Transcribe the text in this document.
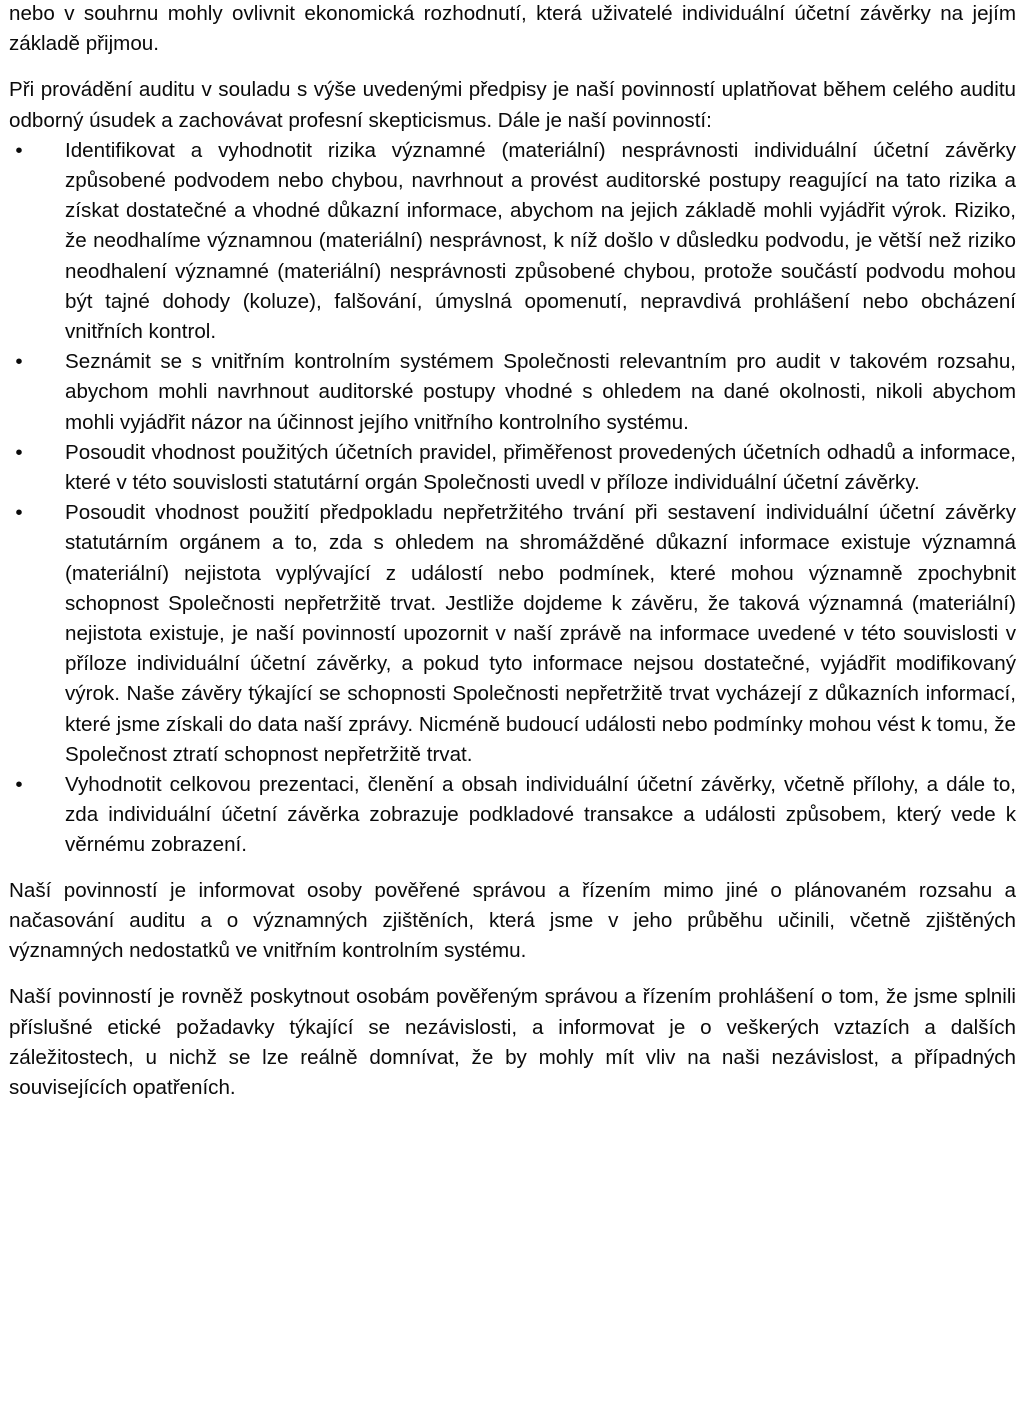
nebo v souhrnu mohly ovlivnit ekonomická rozhodnutí, která uživatelé individuální účetní závěrky na jejím základě přijmou.

Při provádění auditu v souladu s výše uvedenými předpisy je naší povinností uplatňovat během celého auditu odborný úsudek a zachovávat profesní skepticismus. Dále je naší povinností:

• Identifikovat a vyhodnotit rizika významné (materiální) nesprávnosti individuální účetní závěrky způsobené podvodem nebo chybou, navrhnout a provést auditorské postupy reagující na tato rizika a získat dostatečné a vhodné důkazní informace, abychom na jejich základě mohli vyjádřit výrok. Riziko, že neodhalíme významnou (materiální) nesprávnost, k níž došlo v důsledku podvodu, je větší než riziko neodhalení významné (materiální) nesprávnosti způsobené chybou, protože součástí podvodu mohou být tajné dohody (koluze), falšování, úmyslná opomenutí, nepravdivá prohlášení nebo obcházení vnitřních kontrol.
• Seznámit se s vnitřním kontrolním systémem Společnosti relevantním pro audit v takovém rozsahu, abychom mohli navrhnout auditorské postupy vhodné s ohledem na dané okolnosti, nikoli abychom mohli vyjádřit názor na účinnost jejího vnitřního kontrolního systému.
• Posoudit vhodnost použitých účetních pravidel, přiměřenost provedených účetních odhadů a informace, které v této souvislosti statutární orgán Společnosti uvedl v příloze individuální účetní závěrky.
• Posoudit vhodnost použití předpokladu nepřetržitého trvání při sestavení individuální účetní závěrky statutárním orgánem a to, zda s ohledem na shromážděné důkazní informace existuje významná (materiální) nejistota vyplývající z událostí nebo podmínek, které mohou významně zpochybnit schopnost Společnosti nepřetržitě trvat. Jestliže dojdeme k závěru, že taková významná (materiální) nejistota existuje, je naší povinností upozornit v naší zprávě na informace uvedené v této souvislosti v příloze individuální účetní závěrky, a pokud tyto informace nejsou dostatečné, vyjádřit modifikovaný výrok. Naše závěry týkající se schopnosti Společnosti nepřetržitě trvat vycházejí z důkazních informací, které jsme získali do data naší zprávy. Nicméně budoucí události nebo podmínky mohou vést k tomu, že Společnost ztratí schopnost nepřetržitě trvat.
• Vyhodnotit celkovou prezentaci, členění a obsah individuální účetní závěrky, včetně přílohy, a dále to, zda individuální účetní závěrka zobrazuje podkladové transakce a události způsobem, který vede k věrnému zobrazení.

Naší povinností je informovat osoby pověřené správou a řízením mimo jiné o plánovaném rozsahu a načasování auditu a o významných zjištěních, která jsme v jeho průběhu učinili, včetně zjištěných významných nedostatků ve vnitřním kontrolním systému.

Naší povinností je rovněž poskytnout osobám pověřeným správou a řízením prohlášení o tom, že jsme splnili příslušné etické požadavky týkající se nezávislosti, a informovat je o veškerých vztazích a dalších záležitostech, u nichž se lze reálně domnívat, že by mohly mít vliv na naši nezávislost, a případných souvisejících opatřeních.
